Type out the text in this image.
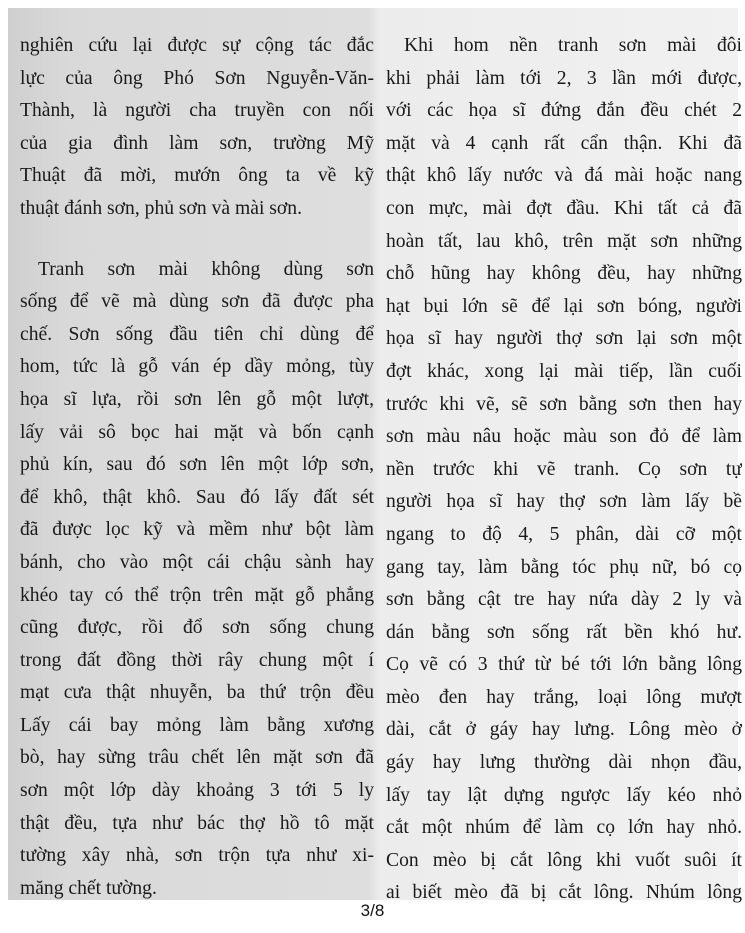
nghiên cứu lại được sự cộng tác đắc
lực của ông Phó Sơn Nguyễn-Văn-
Thành, là người cha truyền con nối
của gia đình làm sơn, trường Mỹ
Thuật đã mời, mướn ông ta về kỹ
thuật đánh sơn, phủ sơn và mài sơn.
Tranh sơn mài không dùng sơn
sống để vẽ mà dùng sơn đã được pha
chế. Sơn sống đầu tiên chỉ dùng để
hom, tức là gỗ ván ép dầy mỏng, tùy
họa sĩ lựa, rồi sơn lên gỗ một lượt,
lấy vải sô bọc hai mặt và bốn cạnh
phủ kín, sau đó sơn lên một lớp sơn,
để khô, thật khô. Sau đó lấy đất sét
đã được lọc kỹ và mềm như bột làm
bánh, cho vào một cái chậu sành hay
khéo tay có thể trộn trên mặt gỗ phẳng
cũng được, rồi đổ sơn sống chung
trong đất đồng thời rây chung một í
mạt cưa thật nhuyễn, ba thứ trộn đều
Lấy cái bay mỏng làm bằng xương
bò, hay sừng trâu chết lên mặt sơn đã
sơn một lớp dày khoảng 3 tới 5 ly
thật đều, tựa như bác thợ hồ tô mặt
tường xây nhà, sơn trộn tựa như xi-
măng chết tường.
Khi hom nền tranh sơn mài đôi
khi phải làm tới 2, 3 lần mới được,
với các họa sĩ đứng đắn đều chét 2
mặt và 4 cạnh rất cẩn thận. Khi đã
thật khô lấy nước và đá mài hoặc nang
con mực, mài đợt đầu. Khi tất cả đã
hoàn tất, lau khô, trên mặt sơn những
chỗ hũng hay không đều, hay những
hạt bụi lớn sẽ để lại sơn bóng, người
họa sĩ hay người thợ sơn lại sơn một
đợt khác, xong lại mài tiếp, lần cuối
trước khi vẽ, sẽ sơn bằng sơn then hay
sơn màu nâu hoặc màu son đỏ để làm
nền trước khi vẽ tranh. Cọ sơn tự
người họa sĩ hay thợ sơn làm lấy bề
ngang to độ 4, 5 phân, dài cỡ một
gang tay, làm bằng tóc phụ nữ, bó cọ
sơn bằng cật tre hay nứa dày 2 ly và
dán bằng sơn sống rất bền khó hư.
Cọ vẽ có 3 thứ từ bé tới lớn bằng lông
mèo đen hay trắng, loại lông mượt
dài, cắt ở gáy hay lưng. Lông mèo ở
gáy hay lưng thường dài nhọn đầu,
lấy tay lật dựng ngược lấy kéo nhỏ
cắt một nhúm để làm cọ lớn hay nhỏ.
Con mèo bị cắt lông khi vuốt suôi ít
ai biết mèo đã bị cắt lông. Nhúm lông
3/8
